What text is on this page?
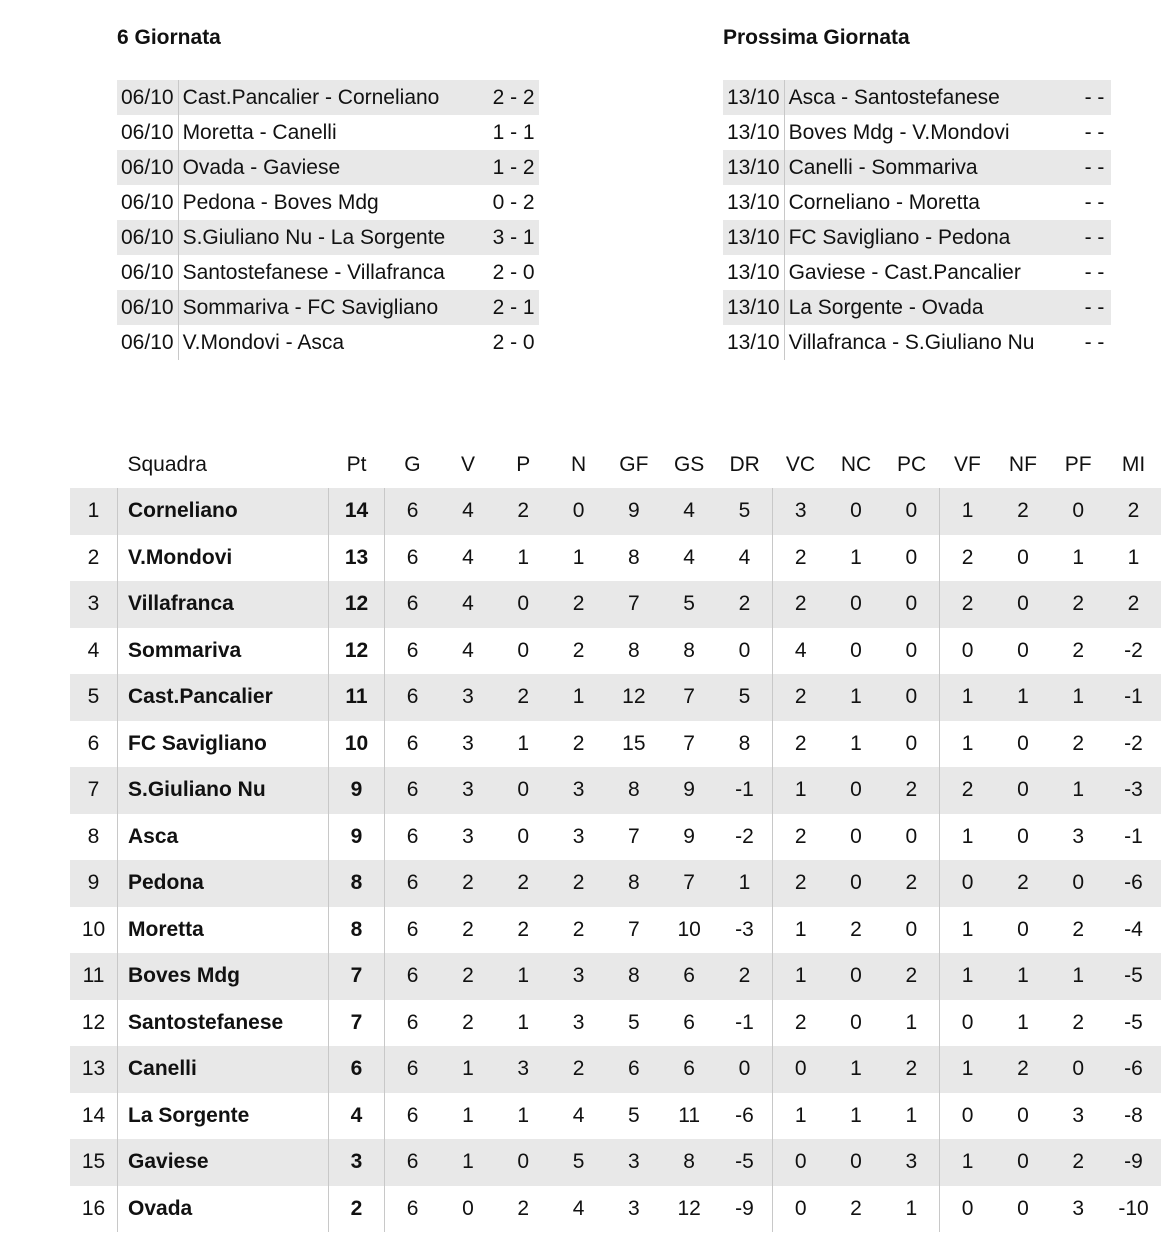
6 Giornata
06/10	Cast.Pancalier - Corneliano	2 - 2
06/10	Moretta - Canelli	1 - 1
06/10	Ovada - Gaviese	1 - 2
06/10	Pedona - Boves Mdg	0 - 2
06/10	S.Giuliano Nu - La Sorgente	3 - 1
06/10	Santostefanese - Villafranca	2 - 0
06/10	Sommariva - FC Savigliano	2 - 1
06/10	V.Mondovi - Asca	2 - 0
Prossima Giornata
13/10	Asca - Santostefanese	- -
13/10	Boves Mdg - V.Mondovi	- -
13/10	Canelli - Sommariva	- -
13/10	Corneliano - Moretta	- -
13/10	FC Savigliano - Pedona	- -
13/10	Gaviese - Cast.Pancalier	- -
13/10	La Sorgente - Ovada	- -
13/10	Villafranca - S.Giuliano Nu	- -
	Squadra	Pt	G	V	P	N	GF	GS	DR	VC	NC	PC	VF	NF	PF	MI
1	Corneliano	14	6	4	2	0	9	4	5	3	0	0	1	2	0	2
2	V.Mondovi	13	6	4	1	1	8	4	4	2	1	0	2	0	1	1
3	Villafranca	12	6	4	0	2	7	5	2	2	0	0	2	0	2	2
4	Sommariva	12	6	4	0	2	8	8	0	4	0	0	0	0	2	-2
5	Cast.Pancalier	11	6	3	2	1	12	7	5	2	1	0	1	1	1	-1
6	FC Savigliano	10	6	3	1	2	15	7	8	2	1	0	1	0	2	-2
7	S.Giuliano Nu	9	6	3	0	3	8	9	-1	1	0	2	2	0	1	-3
8	Asca	9	6	3	0	3	7	9	-2	2	0	0	1	0	3	-1
9	Pedona	8	6	2	2	2	8	7	1	2	0	2	0	2	0	-6
10	Moretta	8	6	2	2	2	7	10	-3	1	2	0	1	0	2	-4
11	Boves Mdg	7	6	2	1	3	8	6	2	1	0	2	1	1	1	-5
12	Santostefanese	7	6	2	1	3	5	6	-1	2	0	1	0	1	2	-5
13	Canelli	6	6	1	3	2	6	6	0	0	1	2	1	2	0	-6
14	La Sorgente	4	6	1	1	4	5	11	-6	1	1	1	0	0	3	-8
15	Gaviese	3	6	1	0	5	3	8	-5	0	0	3	1	0	2	-9
16	Ovada	2	6	0	2	4	3	12	-9	0	2	1	0	0	3	-10
